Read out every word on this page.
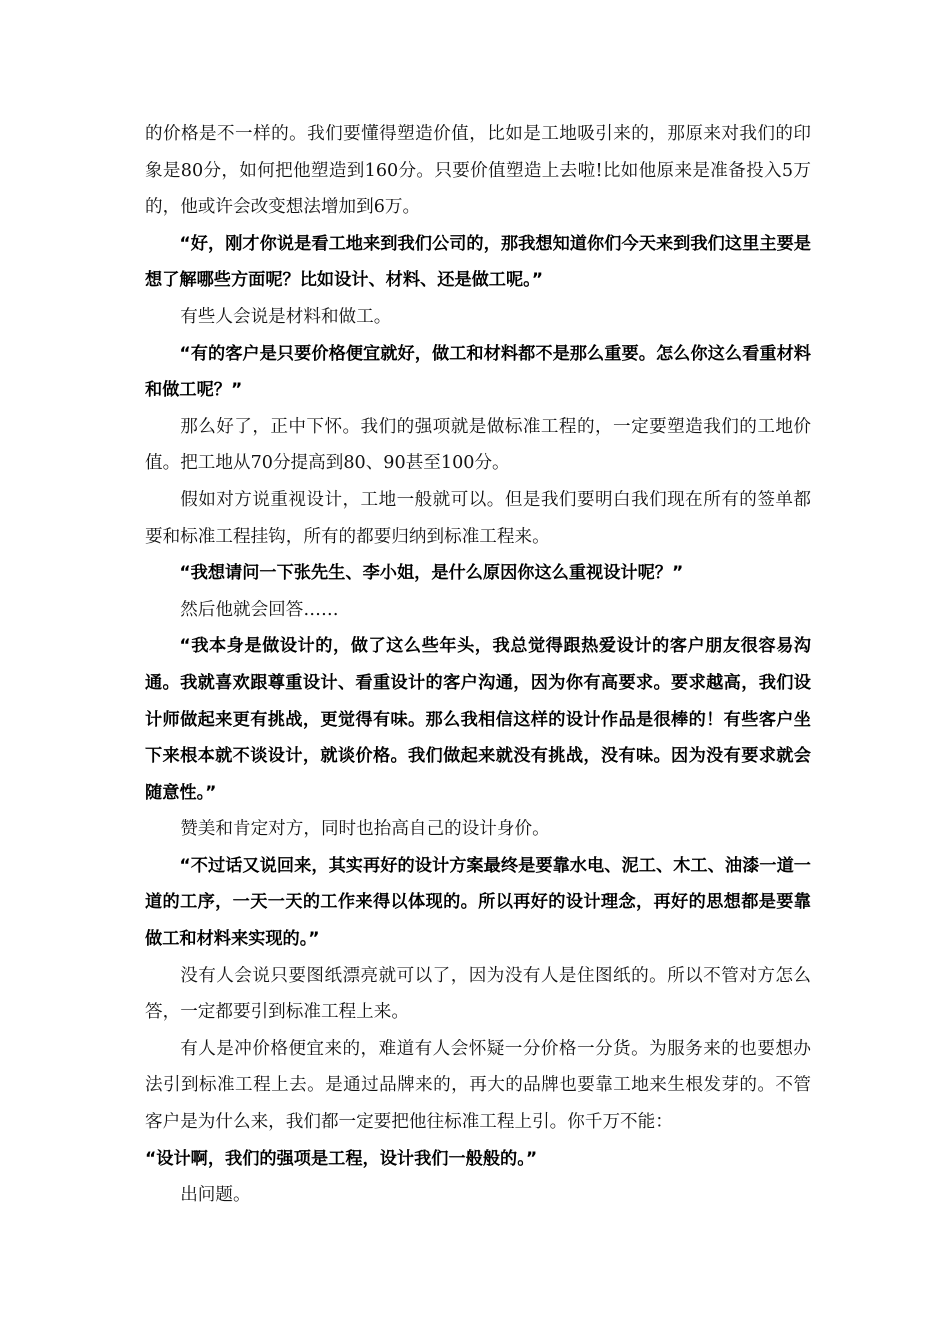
的价格是不一样的。我们要懂得塑造价值，比如是工地吸引来的，那原来对我们的印象是80分，如何把他塑造到160分。只要价值塑造上去啦!比如他原来是准备投入5万的，他或许会改变想法增加到6万。

“好，刚才你说是看工地来到我们公司的，那我想知道你们今天来到我们这里主要是想了解哪些方面呢？比如设计、材料、还是做工呢。”

有些人会说是材料和做工。

“有的客户是只要价格便宜就好，做工和材料都不是那么重要。怎么你这么看重材料和做工呢？”

那么好了，正中下怀。我们的强项就是做标准工程的，一定要塑造我们的工地价值。把工地从70分提高到80、90甚至100分。

假如对方说重视设计，工地一般就可以。但是我们要明白我们现在所有的签单都要和标准工程挂钩，所有的都要归纳到标准工程来。

“我想请问一下张先生、李小姐，是什么原因你这么重视设计呢？”

然后他就会回答……

“我本身是做设计的，做了这么些年头，我总觉得跟热爱设计的客户朋友很容易沟通。我就喜欢跟尊重设计、看重设计的客户沟通，因为你有高要求。要求越高，我们设计师做起来更有挑战，更觉得有味。那么我相信这样的设计作品是很棒的！有些客户坐下来根本就不谈设计，就谈价格。我们做起来就没有挑战，没有味。因为没有要求就会随意性。”

赞美和肯定对方，同时也抬高自己的设计身价。

“不过话又说回来，其实再好的设计方案最终是要靠水电、泥工、木工、油漆一道一道的工序，一天一天的工作来得以体现的。所以再好的设计理念，再好的思想都是要靠做工和材料来实现的。”

没有人会说只要图纸漂亮就可以了，因为没有人是住图纸的。所以不管对方怎么答，一定都要引到标准工程上来。

有人是冲价格便宜来的，难道有人会怀疑一分价格一分货。为服务来的也要想办法引到标准工程上去。是通过品牌来的，再大的品牌也要靠工地来生根发芽的。不管客户是为什么来，我们都一定要把他往标准工程上引。你千万不能：

“设计啊，我们的强项是工程，设计我们一般般的。”

出问题。
